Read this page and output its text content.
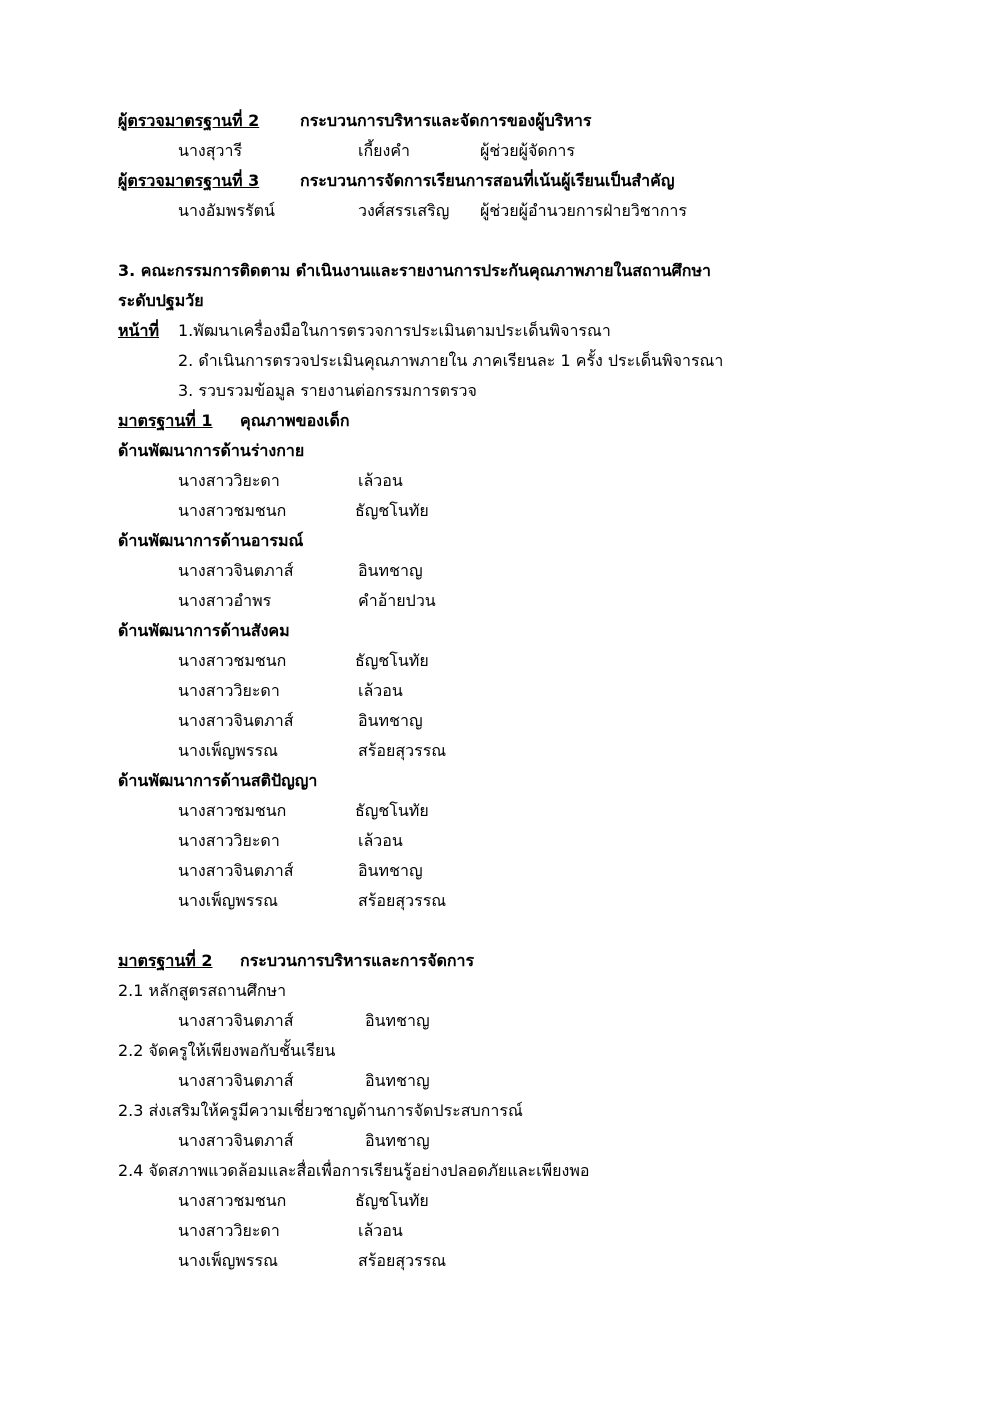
ผู้ตรวจมาตรฐานที่ 2	กระบวนการบริหารและจัดการของผู้บริหาร
นางสุวารี	เกี้ยงคำ	ผู้ช่วยผู้จัดการ
ผู้ตรวจมาตรฐานที่ 3	กระบวนการจัดการเรียนการสอนที่เน้นผู้เรียนเป็นสำคัญ
นางอัมพรรัตน์	วงศ์สรรเสริญ ผู้ช่วยผู้อำนวยการฝ่ายวิชาการ
3. คณะกรรมการติดตาม ดำเนินงานและรายงานการประกันคุณภาพภายในสถานศึกษา
ระดับปฐมวัย
หน้าที่ 1.พัฒนาเครื่องมือในการตรวจการประเมินตามประเด็นพิจารณา
2. ดำเนินการตรวจประเมินคุณภาพภายใน ภาคเรียนละ 1 ครั้ง ประเด็นพิจารณา
3. รวบรวมข้อมูล รายงานต่อกรรมการตรวจ
มาตรฐานที่ 1 คุณภาพของเด็ก
ด้านพัฒนาการด้านร่างกาย
นางสาววิยะดา	เล้วอน
นางสาวชมชนก	ธัญชโนทัย
ด้านพัฒนาการด้านอารมณ์
นางสาวจินตภาส์	อินทชาญ
นางสาวอำพร	คำอ้ายปวน
ด้านพัฒนาการด้านสังคม
นางสาวชมชนก	ธัญชโนทัย
นางสาววิยะดา	เล้วอน
นางสาวจินตภาส์	อินทชาญ
นางเพ็ญพรรณ	สร้อยสุวรรณ
ด้านพัฒนาการด้านสติปัญญา
นางสาวชมชนก	ธัญชโนทัย
นางสาววิยะดา	เล้วอน
นางสาวจินตภาส์	อินทชาญ
นางเพ็ญพรรณ	สร้อยสุวรรณ
มาตรฐานที่ 2 กระบวนการบริหารและการจัดการ
2.1 หลักสูตรสถานศึกษา
นางสาวจินตภาส์	อินทชาญ
2.2 จัดครูให้เพียงพอกับชั้นเรียน
นางสาวจินตภาส์	อินทชาญ
2.3 ส่งเสริมให้ครูมีความเชี่ยวชาญด้านการจัดประสบการณ์
นางสาวจินตภาส์	อินทชาญ
2.4 จัดสภาพแวดล้อมและสื่อเพื่อการเรียนรู้อย่างปลอดภัยและเพียงพอ
นางสาวชมชนก	ธัญชโนทัย
นางสาววิยะดา	เล้วอน
นางเพ็ญพรรณ	สร้อยสุวรรณ
